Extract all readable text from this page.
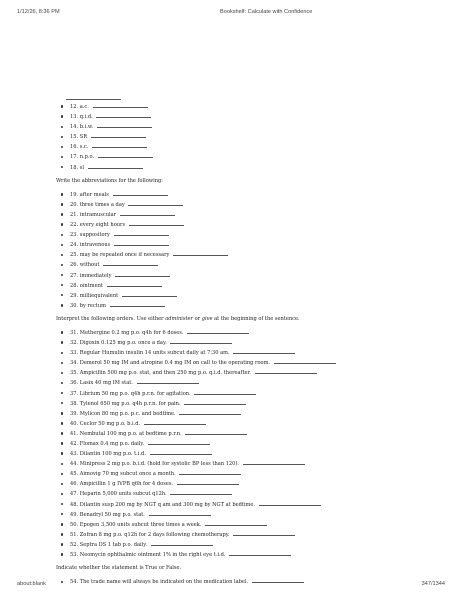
1/12/26, 8:36 PM	Bookshelf: Calculate with Confidence
12. a.c.
13. q.i.d.
14. b.i.w.
15. SR
16. s.c.
17. n.p.o.
18. sl

Write the abbreviations for the following:

19. after meals
20. three times a day
21. intramuscular
22. every eight hours
23. suppository
24. intravenous
25. may be repeated once if necessary
26. without
27. immediately
28. ointment
29. milliequivalent
30. by rectum

Interpret the following orders. Use either administer or give at the beginning of the sentence.

31. Methergine 0.2 mg p.o. q4h for 6 doses.
32. Digoxin 0.125 mg p.o. once a day.
33. Regular Humulin insulin 14 units subcut daily at 7:30 am.
34. Demerol 50 mg IM and atropine 0.4 mg IM on call to the operating room.
35. Ampicillin 500 mg p.o. stat, and then 250 mg p.o. q.i.d. thereafter.
36. Lasix 40 mg IM stat.
37. Librium 50 mg p.o. q4h p.r.n. for agitation.
38. Tylenol 650 mg p.o. q4h p.r.n. for pain.
39. Mylicon 80 mg p.o. p.c. and bedtime.
40. Ceclor 50 mg p.o. b.i.d.
41. Nembutal 100 mg p.o. at bedtime p.r.n.
42. Flomax 0.4 mg p.o. daily.
43. Dilantin 100 mg p.o. t.i.d.
44. Minipress 2 mg p.o. b.i.d. (hold for systolic BP less than 120).
45. Aimovig 70 mg subcut once a month.
46. Ampicillin 1 g IVPB q6h for 4 doses.
47. Heparin 5,000 units subcut q12h.
48. Dilantin susp 200 mg by NGT q am and 300 mg by NGT at bedtime.
49. Benadryl 50 mg p.o. stat.
50. Epogen 3,500 units subcut three times a week.
51. Zofran 8 mg p.o. q12h for 2 days following chemotherapy.
52. Septra DS 1 tab p.o. daily.
53. Neomycin ophthalmic ointment 1% in the right eye t.i.d.

Indicate whether the statement is True or False.

54. The trade name will always be indicated on the medication label.
about:blank	347/1344
